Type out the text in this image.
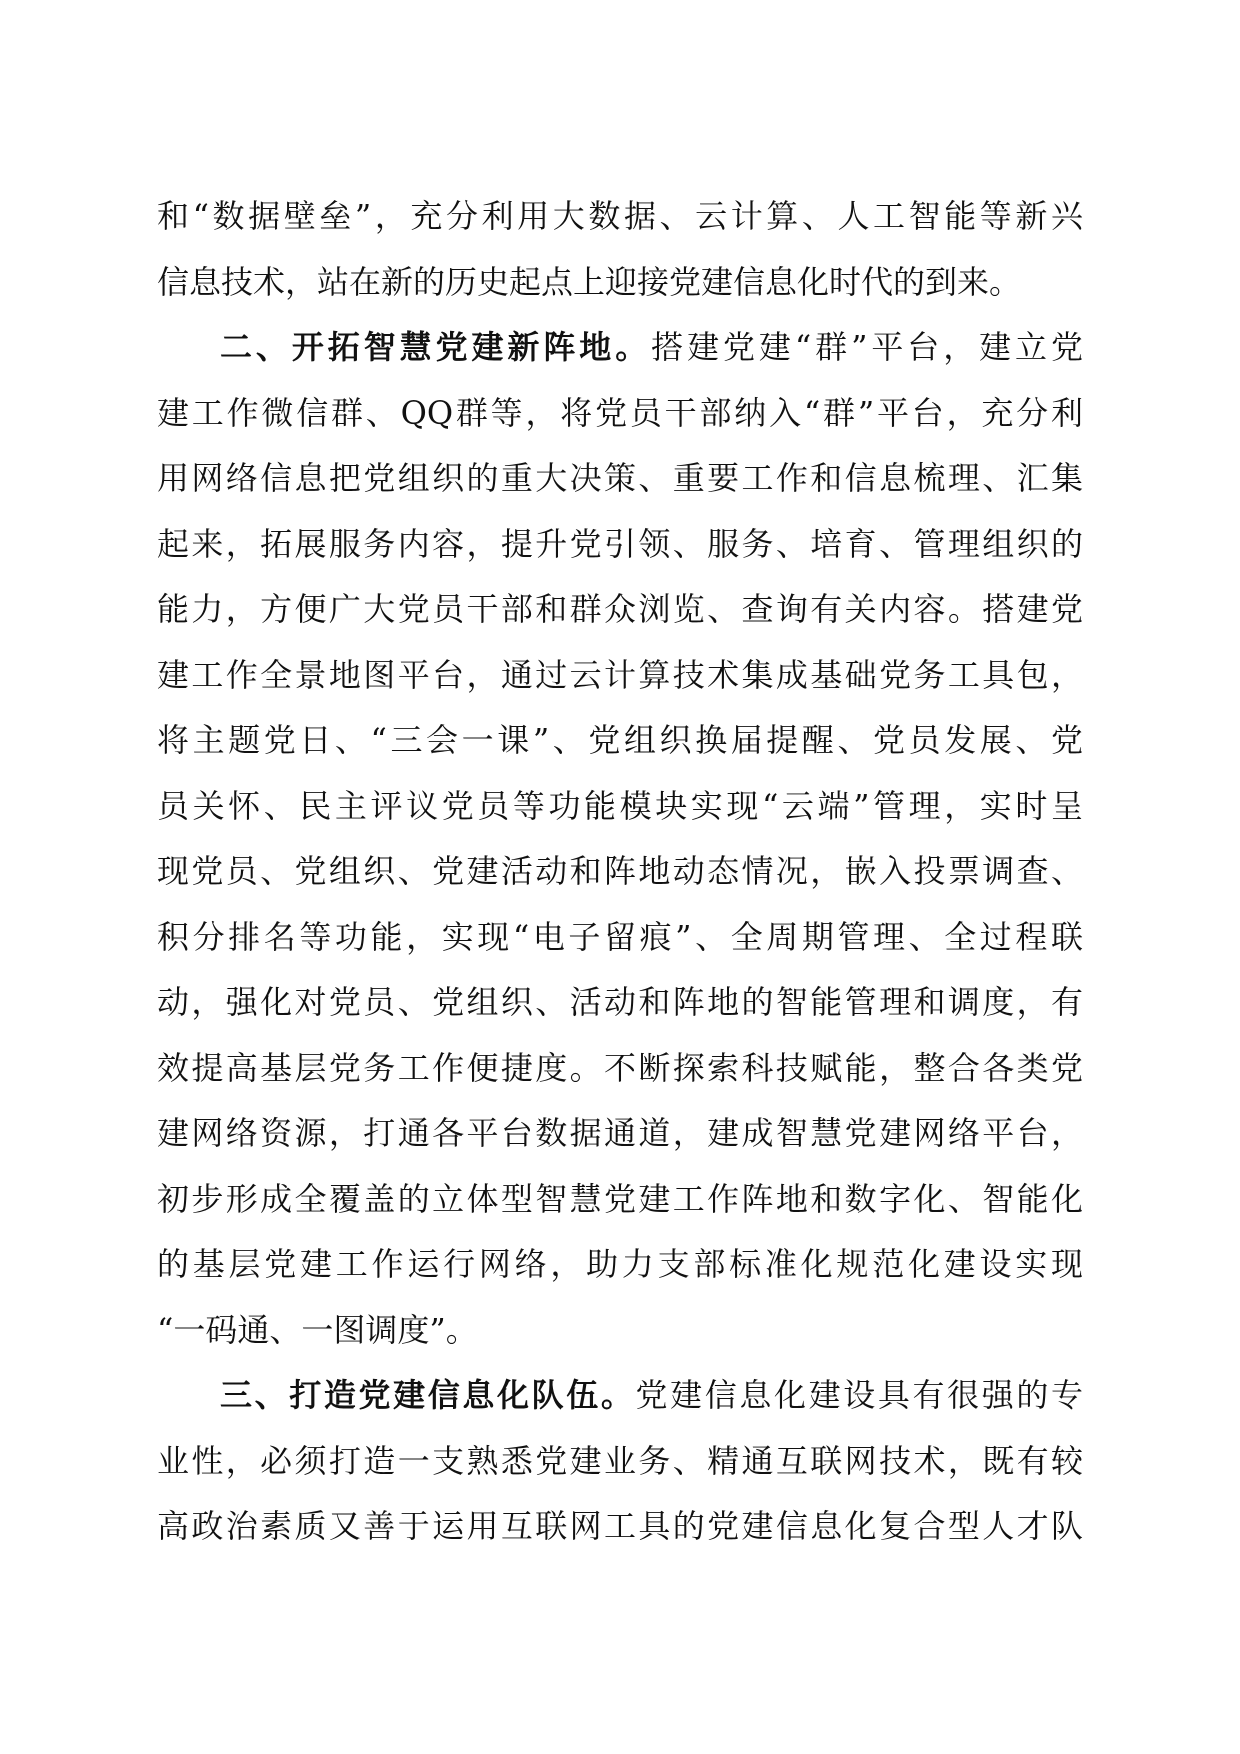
和“数据壁垒”，充分利用大数据、云计算、人工智能等新兴
信息技术，站在新的历史起点上迎接党建信息化时代的到来。
二、开拓智慧党建新阵地。搭建党建“群”平台，建立党
建工作微信群、QQ群等，将党员干部纳入“群”平台，充分利
用网络信息把党组织的重大决策、重要工作和信息梳理、汇集
起来，拓展服务内容，提升党引领、服务、培育、管理组织的
能力，方便广大党员干部和群众浏览、查询有关内容。搭建党
建工作全景地图平台，通过云计算技术集成基础党务工具包，
将主题党日、“三会一课”、党组织换届提醒、党员发展、党
员关怀、民主评议党员等功能模块实现“云端”管理，实时呈
现党员、党组织、党建活动和阵地动态情况，嵌入投票调查、
积分排名等功能，实现“电子留痕”、全周期管理、全过程联
动，强化对党员、党组织、活动和阵地的智能管理和调度，有
效提高基层党务工作便捷度。不断探索科技赋能，整合各类党
建网络资源，打通各平台数据通道，建成智慧党建网络平台，
初步形成全覆盖的立体型智慧党建工作阵地和数字化、智能化
的基层党建工作运行网络，助力支部标准化规范化建设实现
“一码通、一图调度”。
三、打造党建信息化队伍。党建信息化建设具有很强的专
业性，必须打造一支熟悉党建业务、精通互联网技术，既有较
高政治素质又善于运用互联网工具的党建信息化复合型人才队
